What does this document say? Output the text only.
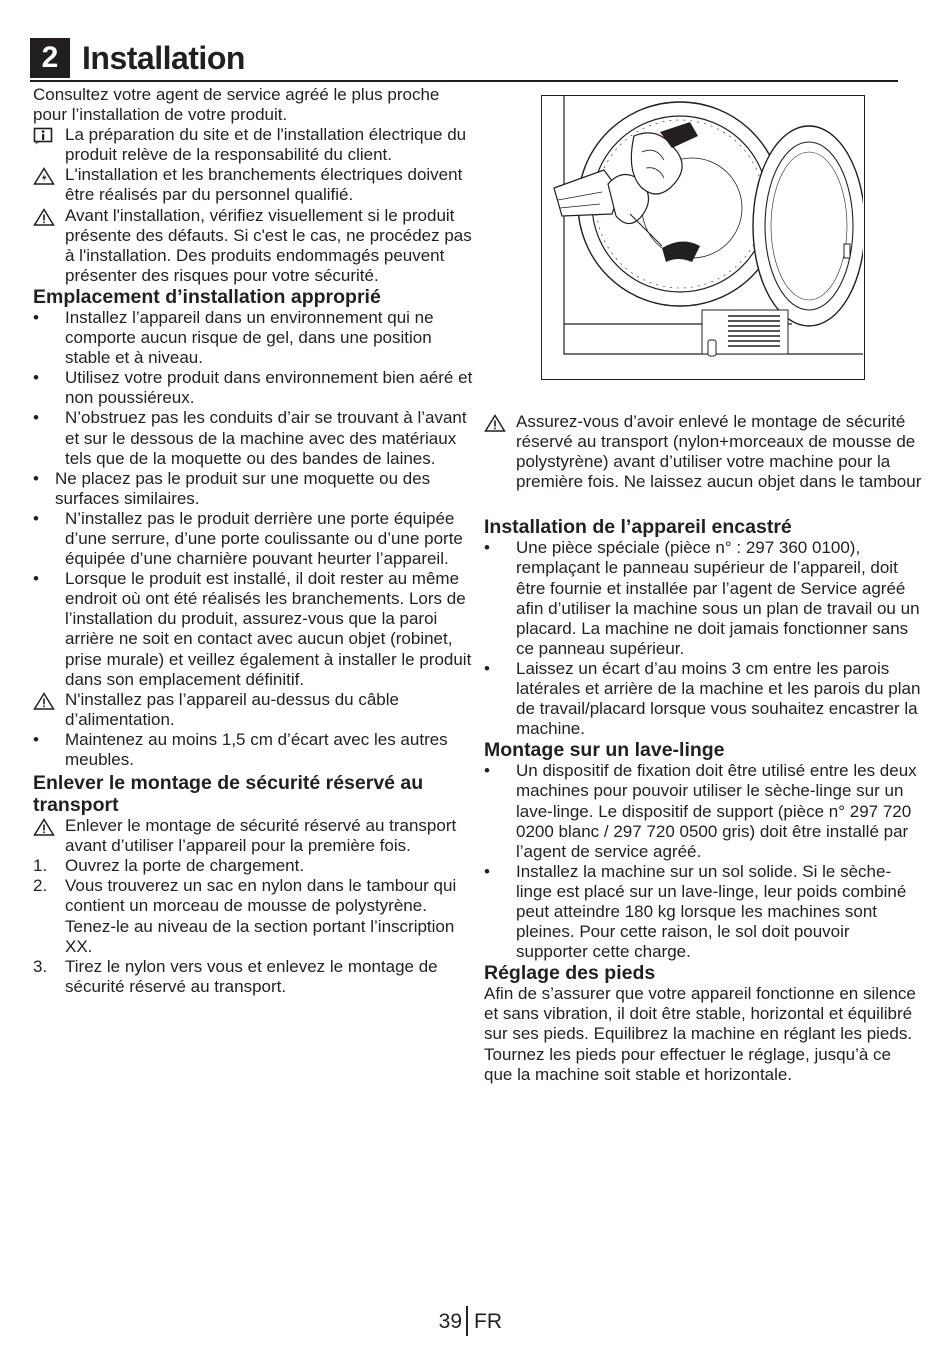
2 Installation

Consultez votre agent de service agréé le plus proche pour l’installation de votre produit.

La préparation du site et de l'installation électrique du produit relève de la responsabilité du client.

L'installation et les branchements électriques doivent être réalisés par du personnel qualifié.

Avant l'installation, vérifiez visuellement si le produit présente des défauts. Si c'est le cas, ne procédez pas à l'installation. Des produits endommagés peuvent présenter des risques pour votre sécurité.

Emplacement d’installation approprié

•	Installez l’appareil dans un environnement qui ne comporte aucun risque de gel, dans une position stable et à niveau.

•	Utilisez votre produit dans environnement bien aéré et non poussiéreux.

•	N’obstruez pas les conduits d’air se trouvant à l’avant et sur le dessous de la machine avec des matériaux tels que de la moquette ou des bandes de laines.

• Ne placez pas le produit sur une moquette ou des surfaces similaires.

•	N’installez pas le produit derrière une porte équipée d’une serrure, d’une porte coulissante ou d’une porte équipée d’une charnière pouvant heurter l’appareil.

•	Lorsque le produit est installé, il doit rester au même endroit où ont été réalisés les branchements. Lors de l’installation du produit, assurez-vous que la paroi arrière ne soit en contact avec aucun objet (robinet, prise murale) et veillez également à installer le produit dans son emplacement définitif.

N'installez pas l’appareil au-dessus du câble d’alimentation.

•	Maintenez au moins 1,5 cm d’écart avec les autres meubles.

Enlever le montage de sécurité réservé au transport

Enlever le montage de sécurité réservé au transport avant d’utiliser l’appareil pour la première fois.

1.	Ouvrez la porte de chargement.

2.	Vous trouverez un sac en nylon dans le tambour qui contient un morceau de mousse de polystyrène. Tenez-le au niveau de la section portant l’inscription XX.

3.	Tirez le nylon vers vous et enlevez le montage de sécurité réservé au transport.

Assurez-vous d’avoir enlevé le montage de sécurité réservé au transport (nylon+morceaux de mousse de polystyrène) avant d’utiliser votre machine pour la première fois. Ne laissez aucun objet dans le tambour

Installation de l’appareil encastré

•	Une pièce spéciale (pièce n° : 297 360 0100), remplaçant le panneau supérieur de l’appareil, doit être fournie et installée par l’agent de Service agréé afin d’utiliser la machine sous un plan de travail ou un placard. La machine ne doit jamais fonctionner sans ce panneau supérieur.

•	Laissez un écart d’au moins 3 cm entre les parois latérales et arrière de la machine et les parois du plan de travail/placard lorsque vous souhaitez encastrer la machine.

Montage sur un lave-linge

•	Un dispositif de fixation doit être utilisé entre les deux machines pour pouvoir utiliser le sèche-linge sur un lave-linge. Le dispositif de support (pièce n° 297 720 0200 blanc / 297 720 0500 gris) doit être installé par l’agent de service agréé.

•	Installez la machine sur un sol solide. Si le sèche-linge est placé sur un lave-linge, leur poids combiné peut atteindre 180 kg lorsque les machines sont pleines. Pour cette raison, le sol doit pouvoir supporter cette charge.

Réglage des pieds

Afin de s’assurer que votre appareil fonctionne en silence et sans vibration, il doit être stable, horizontal et équilibré sur ses pieds. Equilibrez la machine en réglant les pieds.

Tournez les pieds pour effectuer le réglage, jusqu’à ce que la machine soit stable et horizontale.

39 FR
